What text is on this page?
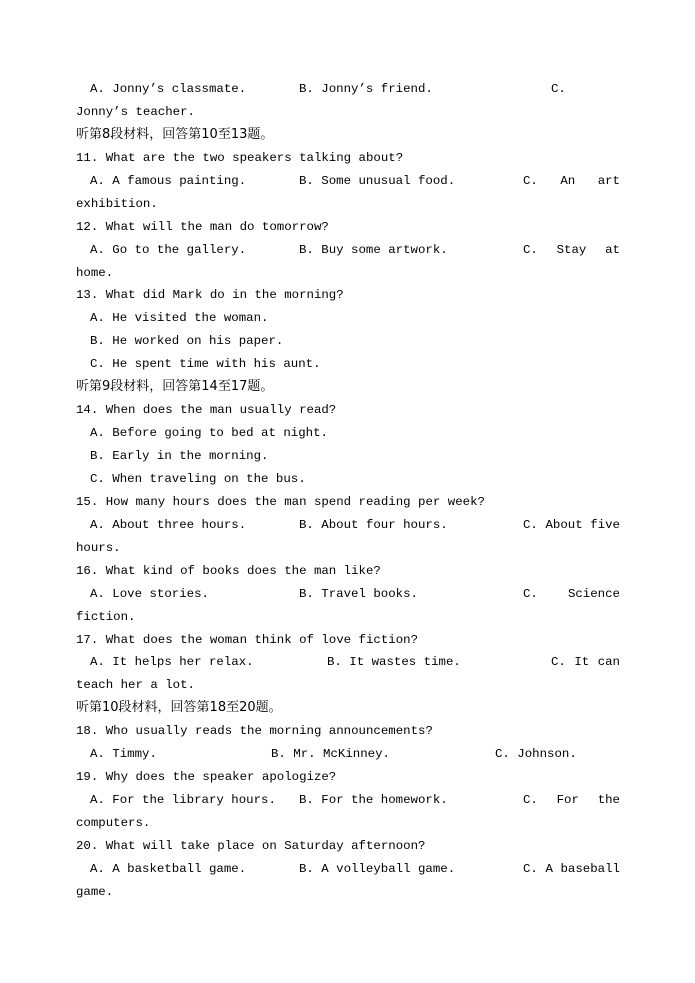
A. Jonny’s classmate.	B. Jonny’s friend.	C.
Jonny’s teacher.
听第8段材料，回答第10至13题。
11. What are the two speakers talking about?
A. A famous painting.	B. Some unusual food.	C. An art
exhibition.
12. What will the man do tomorrow?
A. Go to the gallery.	B. Buy some artwork.	C. Stay at
home.
13. What did Mark do in the morning?
A. He visited the woman.
B. He worked on his paper.
C. He spent time with his aunt.
听第9段材料，回答第14至17题。
14. When does the man usually read?
A. Before going to bed at night.
B. Early in the morning.
C. When traveling on the bus.
15. How many hours does the man spend reading per week?
A. About three hours.	B. About four hours.	C. About five
hours.
16. What kind of books does the man like?
A. Love stories.	B. Travel books.	C. Science
fiction.
17. What does the woman think of love fiction?
A. It helps her relax.	B. It wastes time.	C. It can
teach her a lot.
听第10段材料，回答第18至20题。
18. Who usually reads the morning announcements?
A. Timmy.	B. Mr. McKinney.	C. Johnson.
19. Why does the speaker apologize?
A. For the library hours. B. For the homework.	C. For the
computers.
20. What will take place on Saturday afternoon?
A. A basketball game.	B. A volleyball game.	C. A baseball
game.
